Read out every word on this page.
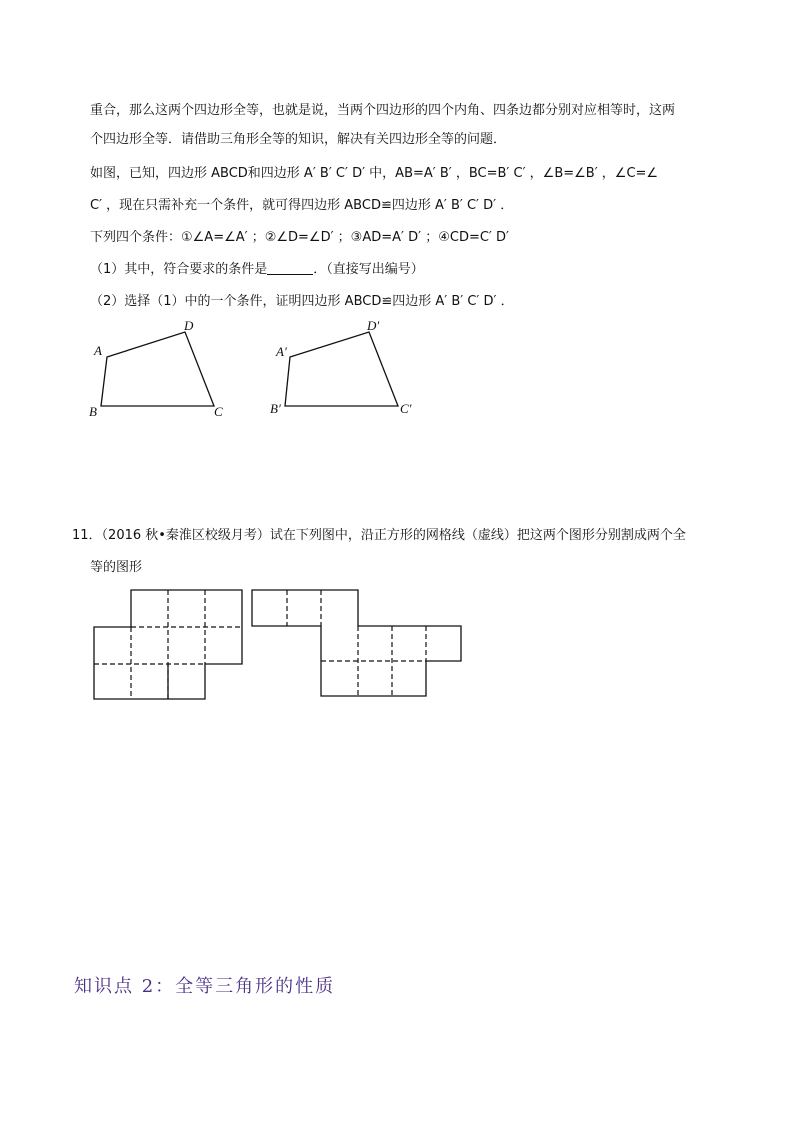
重合，那么这两个四边形全等，也就是说，当两个四边形的四个内角、四条边都分别对应相等时，这两
个四边形全等．请借助三角形全等的知识，解决有关四边形全等的问题．
如图，已知，四边形 ABCD和四边形 A′ B′ C′ D′ 中，AB=A′ B′ ，BC=B′ C′ ，∠B=∠B′ ，∠C=∠
C′ ，现在只需补充一个条件，就可得四边形 ABCD≌四边形 A′ B′ C′ D′ ．
下列四个条件：①∠A=∠A′ ；②∠D=∠D′ ；③AD=A′ D′ ；④CD=C′ D′
（1）其中，符合要求的条件是	．（直接写出编号）
（2）选择（1）中的一个条件，证明四边形 ABCD≌四边形 A′ B′ C′ D′ ．
A
D
B	C
A′
D′
B′	C′
11．（2016 秋•秦淮区校级月考）试在下列图中，沿正方形的网格线（虚线）把这两个图形分别割成两个全
等的图形
知识点 2：全等三角形的性质
